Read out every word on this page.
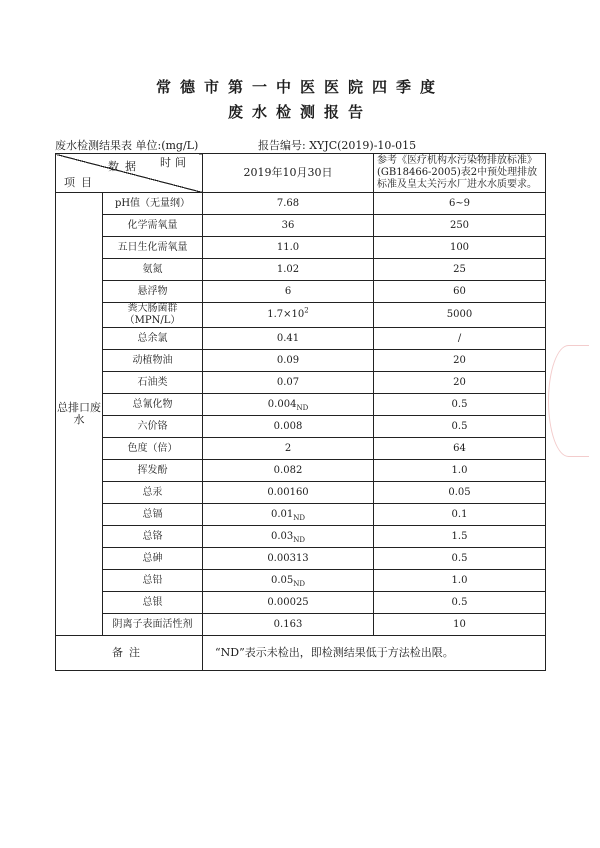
常德市第一中医医院四季度
废水检测报告
废水检测结果表 单位:(mg/L)	报告编号: XYJC(2019)-10-015
时间
数据
项目		2019年10月30日	参考《医疗机构水污染物排放标准》(GB18466-2005)表2中预处理排放标准及皇太关污水厂进水水质要求。
总排口废水	pH值（无量纲）	7.68	6~9
	化学需氧量	36	250
	五日生化需氧量	11.0	100
	氨氮	1.02	25
	悬浮物	6	60
	粪大肠菌群（MPN/L）	$1.7\times 10^2$	5000
	总余氯	0.41	/
	动植物油	0.09	20
	石油类	0.07	20
	总氰化物	$0.004_{ND}$	0.5
	六价铬	0.008	0.5
	色度（倍）	2	64
	挥发酚	0.082	1.0
	总汞	0.00160	0.05
	总镉	$0.01_{ND}$	0.1
	总铬	$0.03_{ND}$	1.5
	总砷	0.00313	0.5
	总铅	$0.05_{ND}$	1.0
	总银	0.00025	0.5
	阴离子表面活性剂	0.163	10
备注		“ND”表示未检出，即检测结果低于方法检出限。	
